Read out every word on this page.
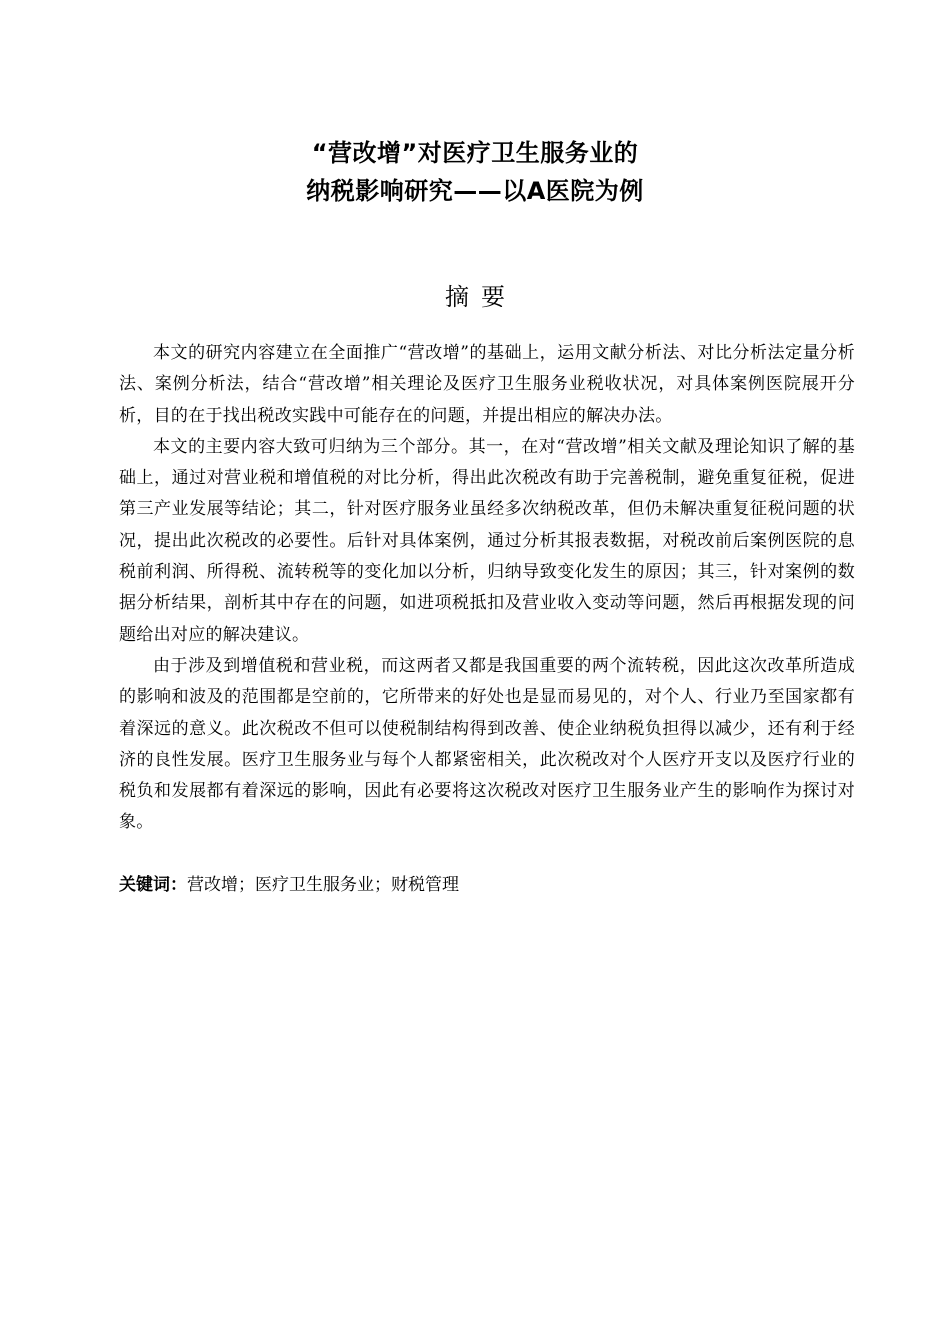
“营改增”对医疗卫生服务业的
纳税影响研究——以A医院为例
摘要

本文的研究内容建立在全面推广“营改增”的基础上，运用文献分析法、对比分析法定量分析法、案例分析法，结合“营改增”相关理论及医疗卫生服务业税收状况，对具体案例医院展开分析，目的在于找出税改实践中可能存在的问题，并提出相应的解决办法。

本文的主要内容大致可归纳为三个部分。其一，在对“营改增”相关文献及理论知识了解的基础上，通过对营业税和增值税的对比分析，得出此次税改有助于完善税制，避免重复征税，促进第三产业发展等结论；其二，针对医疗服务业虽经多次纳税改革，但仍未解决重复征税问题的状况，提出此次税改的必要性。后针对具体案例，通过分析其报表数据，对税改前后案例医院的息税前利润、所得税、流转税等的变化加以分析，归纳导致变化发生的原因；其三，针对案例的数据分析结果，剖析其中存在的问题，如进项税抵扣及营业收入变动等问题，然后再根据发现的问题给出对应的解决建议。

由于涉及到增值税和营业税，而这两者又都是我国重要的两个流转税，因此这次改革所造成的影响和波及的范围都是空前的，它所带来的好处也是显而易见的，对个人、行业乃至国家都有着深远的意义。此次税改不但可以使税制结构得到改善、使企业纳税负担得以减少，还有利于经济的良性发展。医疗卫生服务业与每个人都紧密相关，此次税改对个人医疗开支以及医疗行业的税负和发展都有着深远的影响，因此有必要将这次税改对医疗卫生服务业产生的影响作为探讨对象。

关键词：营改增；医疗卫生服务业；财税管理
